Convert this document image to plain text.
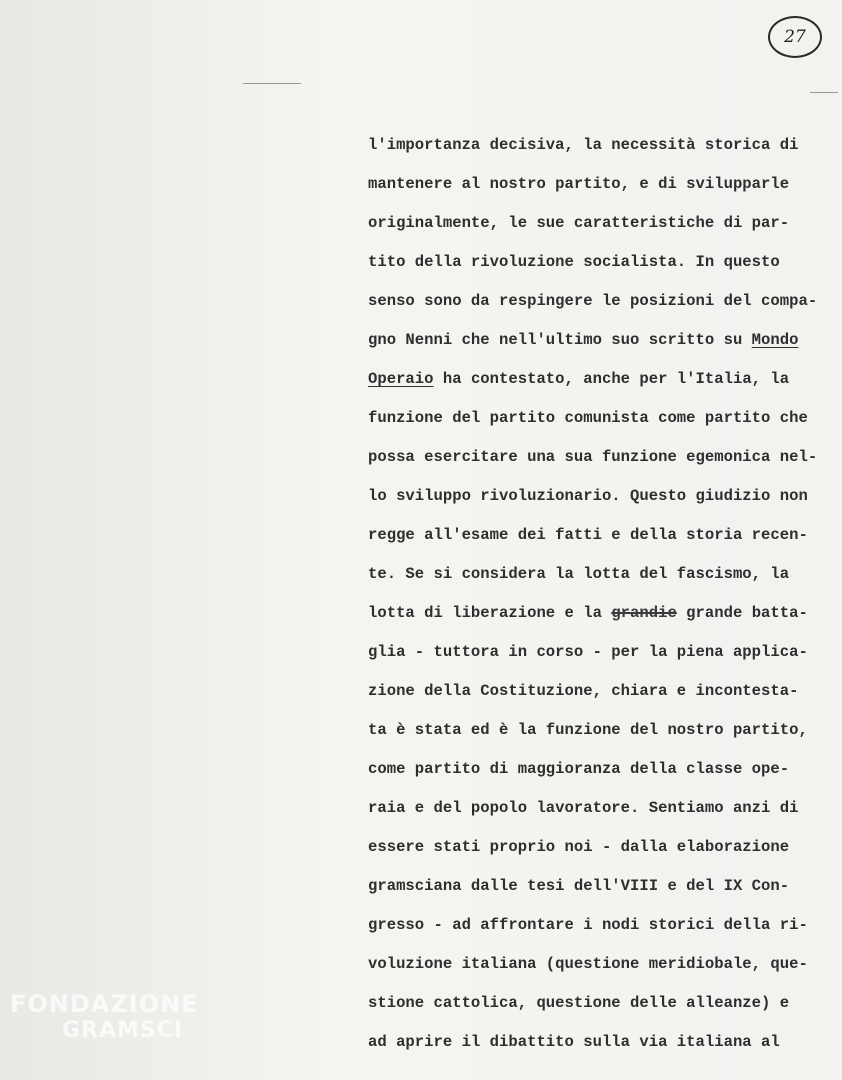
27
l'importanza decisiva, la necessità storica di
mantenere al nostro partito, e di svilupparle
originalmente, le sue caratteristiche di par-
tito della rivoluzione socialista. In questo
senso sono da respingere le posizioni del compa-
gno Nenni che nell'ultimo suo scritto su Mondo
Operaio ha contestato, anche per l'Italia, la
funzione del partito comunista come partito che
possa esercitare una sua funzione egemonica nel-
lo sviluppo rivoluzionario. Questo giudizio non
regge all'esame dei fatti e della storia recen-
te. Se si considera la lotta del fascismo, la
lotta di liberazione e la grandie grande batta-
glia - tuttora in corso - per la piena applica-
zione della Costituzione, chiara e incontesta-
ta è stata ed è la funzione del nostro partito,
come partito di maggioranza della classe ope-
raia e del popolo lavoratore. Sentiamo anzi di
essere stati proprio noi - dalla elaborazione
gramsciana dalle tesi dell'VIII e del IX Con-
gresso - ad affrontare i nodi storici della ri-
voluzione italiana (questione meridiobale, que-
stione cattolica, questione delle alleanze) e
ad aprire il dibattito sulla via italiana al
FONDAZIONE
GRAMSCI
